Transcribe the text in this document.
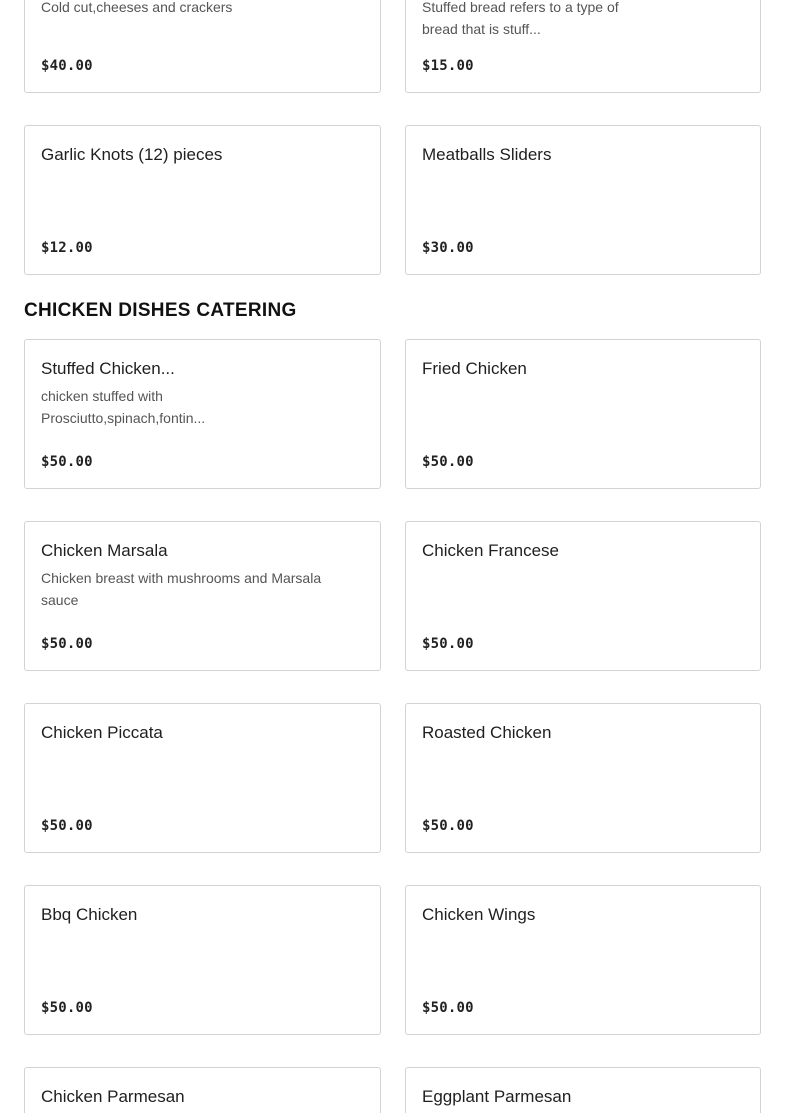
Cold cut,cheeses and crackers
$40.00
Stuffed bread refers to a type of bread that is stuff...
$15.00
Garlic Knots (12) pieces
$12.00
Meatballs Sliders
$30.00
CHICKEN DISHES CATERING
Stuffed Chicken...
chicken stuffed with Prosciutto,spinach,fontin...
$50.00
Fried Chicken
$50.00
Chicken Marsala
Chicken breast with mushrooms and Marsala sauce
$50.00
Chicken Francese
$50.00
Chicken Piccata
$50.00
Roasted Chicken
$50.00
Bbq Chicken
$50.00
Chicken Wings
$50.00
Chicken Parmesan	Eggplant Parmesan
